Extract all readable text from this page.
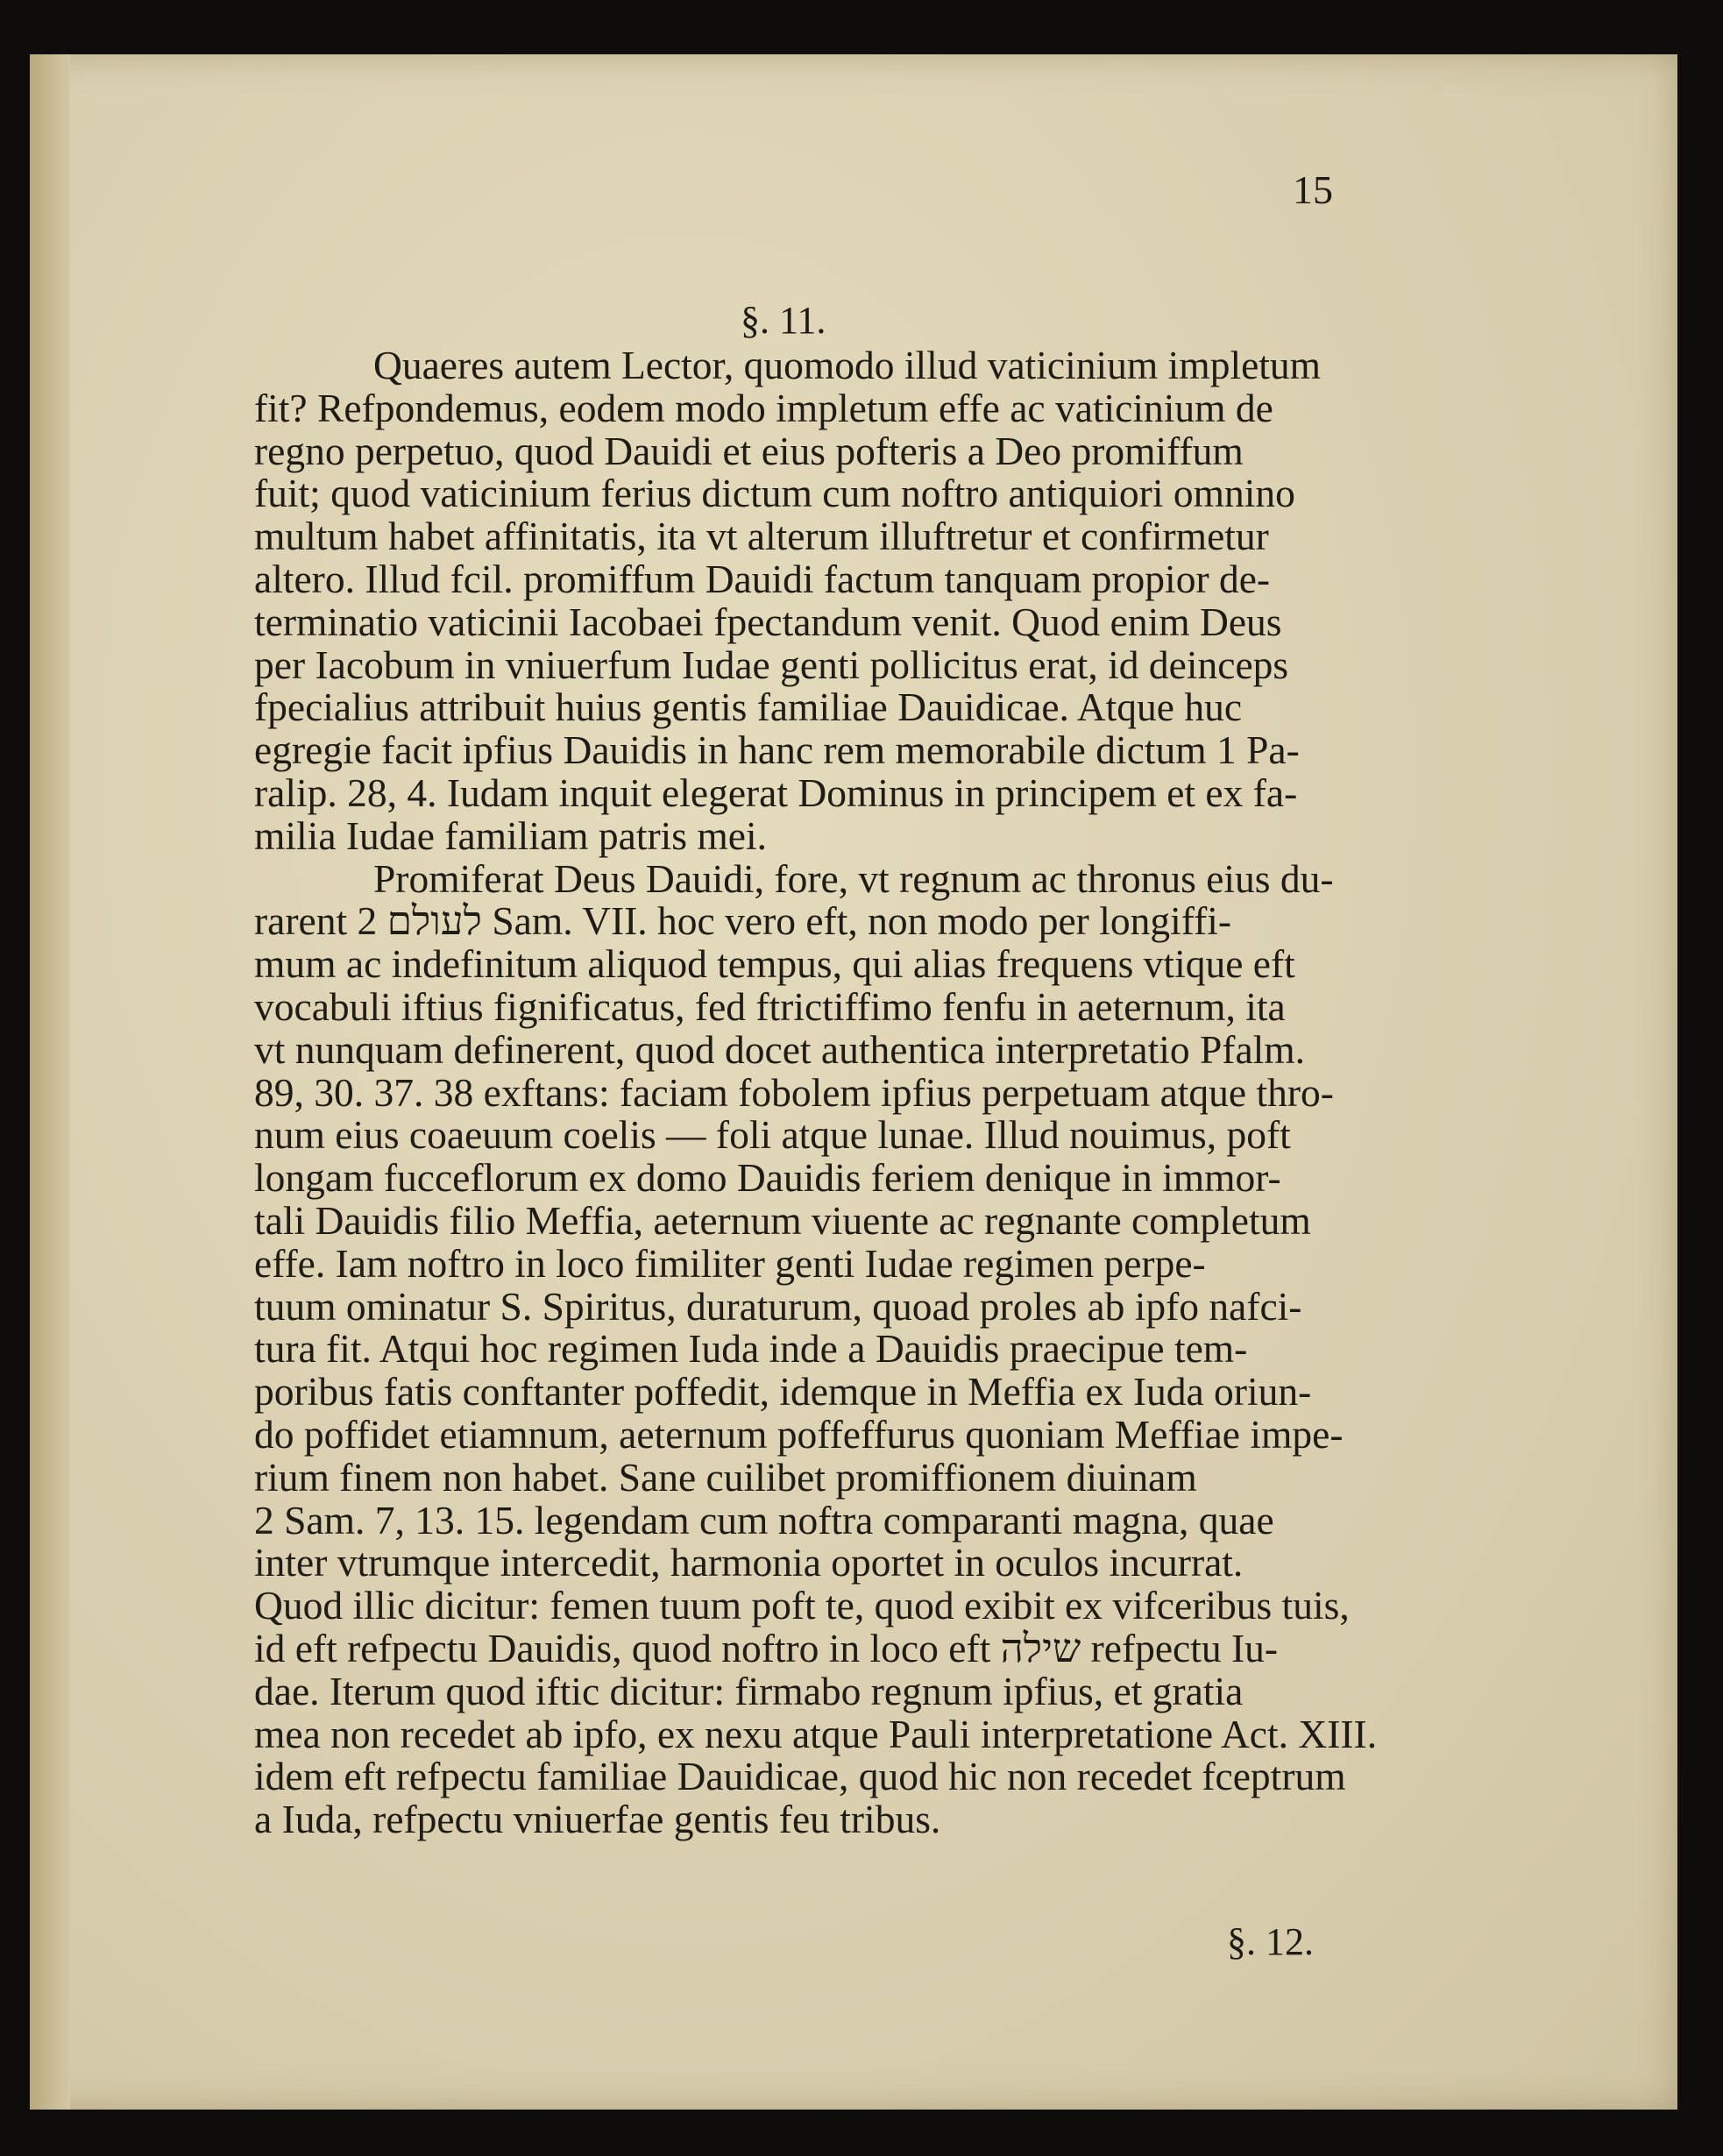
15
§. 11.
Quaeres autem Lector, quomodo illud vaticinium impletum
fit? Refpondemus, eodem modo impletum effe ac vaticinium de
regno perpetuo, quod Dauidi et eius pofteris a Deo promiffum
fuit; quod vaticinium ferius dictum cum noftro antiquiori omnino
multum habet affinitatis, ita vt alterum illuftretur et confirmetur
altero. Illud fcil. promiffum Dauidi factum tanquam propior de-
terminatio vaticinii Iacobaei fpectandum venit. Quod enim Deus
per Iacobum in vniuerfum Iudae genti pollicitus erat, id deinceps
fpecialius attribuit huius gentis familiae Dauidicae. Atque huc
egregie facit ipfius Dauidis in hanc rem memorabile dictum 1 Pa-
ralip. 28, 4. Iudam inquit elegerat Dominus in principem et ex fa-
milia Iudae familiam patris mei.
Promiferat Deus Dauidi, fore, vt regnum ac thronus eius du-
rarent לעולם 2 Sam. VII. hoc vero eft, non modo per longiffi-
mum ac indefinitum aliquod tempus, qui alias frequens vtique eft
vocabuli iftius fignificatus, fed ftrictiffimo fenfu in aeternum, ita
vt nunquam definerent, quod docet authentica interpretatio Pfalm.
89, 30. 37. 38 exftans: faciam fobolem ipfius perpetuam atque thro-
num eius coaeuum coelis — foli atque lunae. Illud nouimus, poft
longam fucceflorum ex domo Dauidis feriem denique in immor-
tali Dauidis filio Meffia, aeternum viuente ac regnante completum
effe. Iam noftro in loco fimiliter genti Iudae regimen perpe-
tuum ominatur S. Spiritus, duraturum, quoad proles ab ipfo nafci-
tura fit. Atqui hoc regimen Iuda inde a Dauidis praecipue tem-
poribus fatis conftanter poffedit, idemque in Meffia ex Iuda oriun-
do poffidet etiamnum, aeternum poffeffurus quoniam Meffiae impe-
rium finem non habet. Sane cuilibet promiffionem diuinam
2 Sam. 7, 13. 15. legendam cum noftra comparanti magna, quae
inter vtrumque intercedit, harmonia oportet in oculos incurrat.
Quod illic dicitur: femen tuum poft te, quod exibit ex vifceribus tuis,
id eft refpectu Dauidis, quod noftro in loco eft שילה refpectu Iu-
dae. Iterum quod iftic dicitur: firmabo regnum ipfius, et gratia
mea non recedet ab ipfo, ex nexu atque Pauli interpretatione Act. XIII.
idem eft refpectu familiae Dauidicae, quod hic non recedet fceptrum
a Iuda, refpectu vniuerfae gentis feu tribus.
§. 12.
